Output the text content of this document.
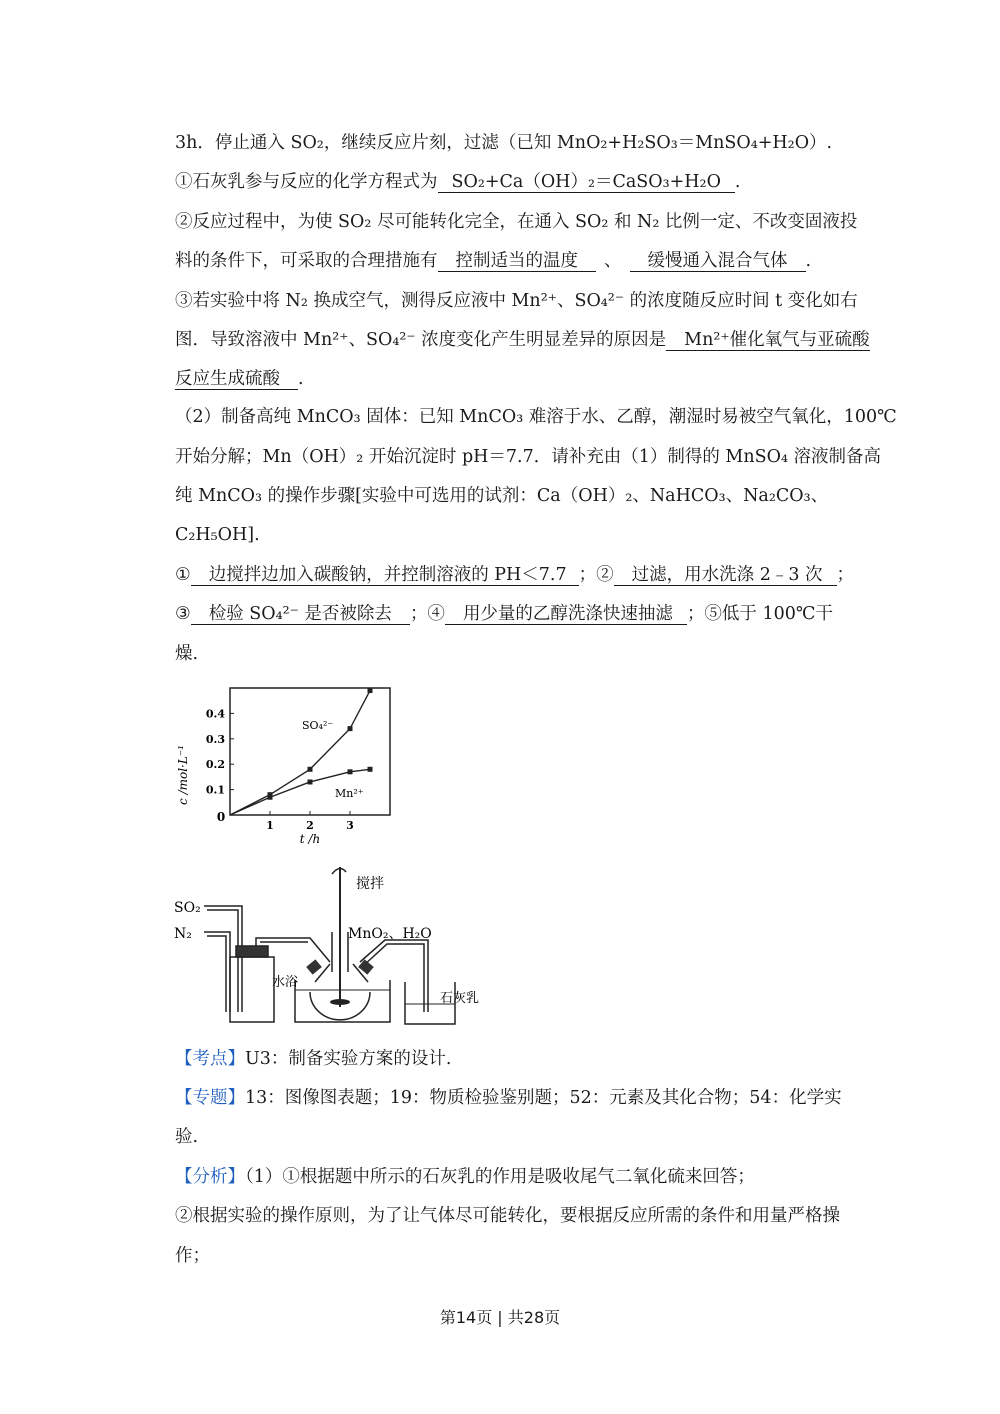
3h．停止通入 SO₂，继续反应片刻，过滤（已知 MnO₂+H₂SO₃＝MnSO₄+H₂O）.
①石灰乳参与反应的化学方程式为 SO₂+Ca（OH）₂＝CaSO₃+H₂O .
②反应过程中，为使 SO₂ 尽可能转化完全，在通入 SO₂ 和 N₂ 比例一定、不改变固液投
料的条件下，可采取的合理措施有 控制适当的温度 、 缓慢通入混合气体 .
③若实验中将 N₂ 换成空气，测得反应液中 Mn²⁺、SO₄²⁻ 的浓度随反应时间 t 变化如右
图．导致溶液中 Mn²⁺、SO₄²⁻ 浓度变化产生明显差异的原因是 Mn²⁺催化氧气与亚硫酸
反应生成硫酸 .
（2）制备高纯 MnCO₃ 固体：已知 MnCO₃ 难溶于水、乙醇，潮湿时易被空气氧化，100℃
开始分解；Mn（OH）₂ 开始沉淀时 pH＝7.7．请补充由（1）制得的 MnSO₄ 溶液制备高
纯 MnCO₃ 的操作步骤[实验中可选用的试剂：Ca（OH）₂、NaHCO₃、Na₂CO₃、
C₂H₅OH].
① 边搅拌边加入碳酸钠，并控制溶液的 PH＜7.7 ；② 过滤，用水洗涤 2﹣3 次 ；
③ 检验 SO₄²⁻ 是否被除去 ；④ 用少量的乙醇洗涤快速抽滤 ；⑤低于 100℃干
燥.
1	2	3
0.1
0.2
0.3
0.4
c /mol·L⁻¹
t /h
0
SO₄²⁻
Mn²⁺
SO₂
N₂
搅拌
MnO₂、H₂O
水浴
石灰乳
【考点】U3：制备实验方案的设计.
【专题】13：图像图表题；19：物质检验鉴别题；52：元素及其化合物；54：化学实
验.
【分析】（1）①根据题中所示的石灰乳的作用是吸收尾气二氧化硫来回答；
②根据实验的操作原则，为了让气体尽可能转化，要根据反应所需的条件和用量严格操
作；
第14页 | 共28页
